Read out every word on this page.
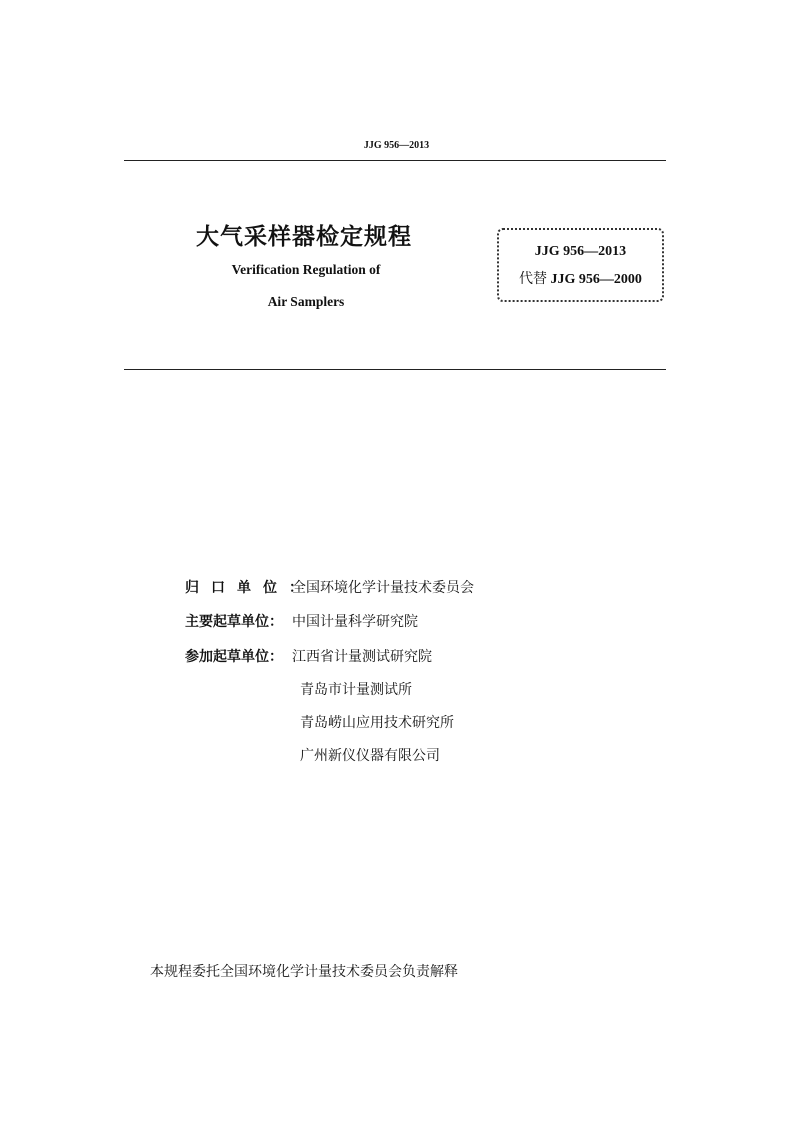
JJG 956—2013
大气采样器检定规程
Verification Regulation of
Air Samplers
JJG 956—2013
代替 JJG 956—2000
归口单位：全国环境化学计量技术委员会
主要起草单位： 中国计量科学研究院
参加起草单位： 江西省计量测试研究院
青岛市计量测试所
青岛崂山应用技术研究所
广州新仪仪器有限公司
本规程委托全国环境化学计量技术委员会负责解释
